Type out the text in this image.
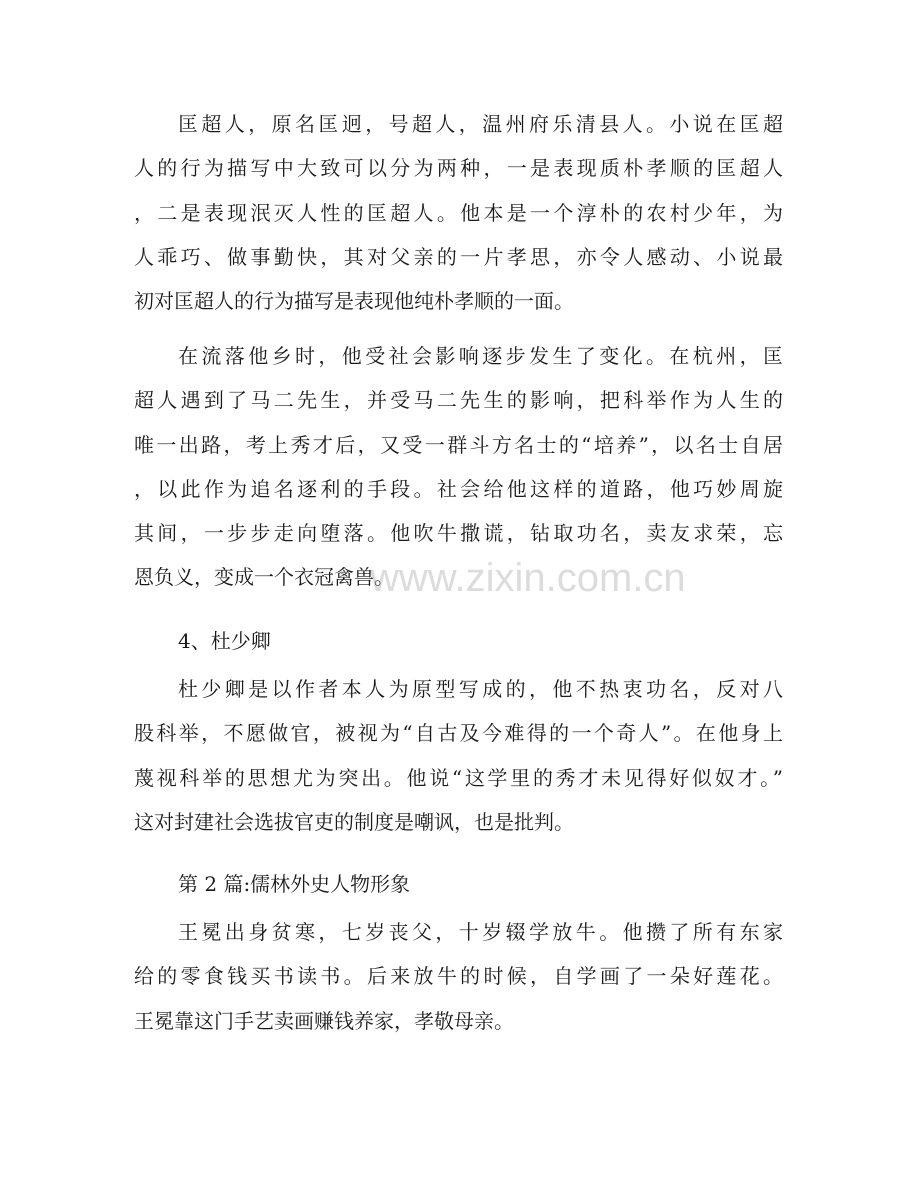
匡超人，原名匡迥，号超人，温州府乐清县人。小说在匡超
人的行为描写中大致可以分为两种，一是表现质朴孝顺的匡超人
，二是表现泯灭人性的匡超人。他本是一个淳朴的农村少年，为
人乖巧、做事勤快，其对父亲的一片孝思，亦令人感动、小说最
初对匡超人的行为描写是表现他纯朴孝顺的一面。
在流落他乡时，他受社会影响逐步发生了变化。在杭州，匡
超人遇到了马二先生，并受马二先生的影响，把科举作为人生的
唯一出路，考上秀才后，又受一群斗方名士的“培养”，以名士自居
，以此作为追名逐利的手段。社会给他这样的道路，他巧妙周旋
其间，一步步走向堕落。他吹牛撒谎，钻取功名，卖友求荣，忘
恩负义，变成一个衣冠禽兽。
4、杜少卿
杜少卿是以作者本人为原型写成的，他不热衷功名，反对八
股科举，不愿做官，被视为“自古及今难得的一个奇人”。在他身上
蔑视科举的思想尤为突出。他说“这学里的秀才未见得好似奴才。”
这对封建社会选拔官吏的制度是嘲讽，也是批判。
第 2 篇:儒林外史人物形象
王冕出身贫寒，七岁丧父，十岁辍学放牛。他攒了所有东家
给的零食钱买书读书。后来放牛的时候，自学画了一朵好莲花。
王冕靠这门手艺卖画赚钱养家，孝敬母亲。
www.zixin.com.cn
